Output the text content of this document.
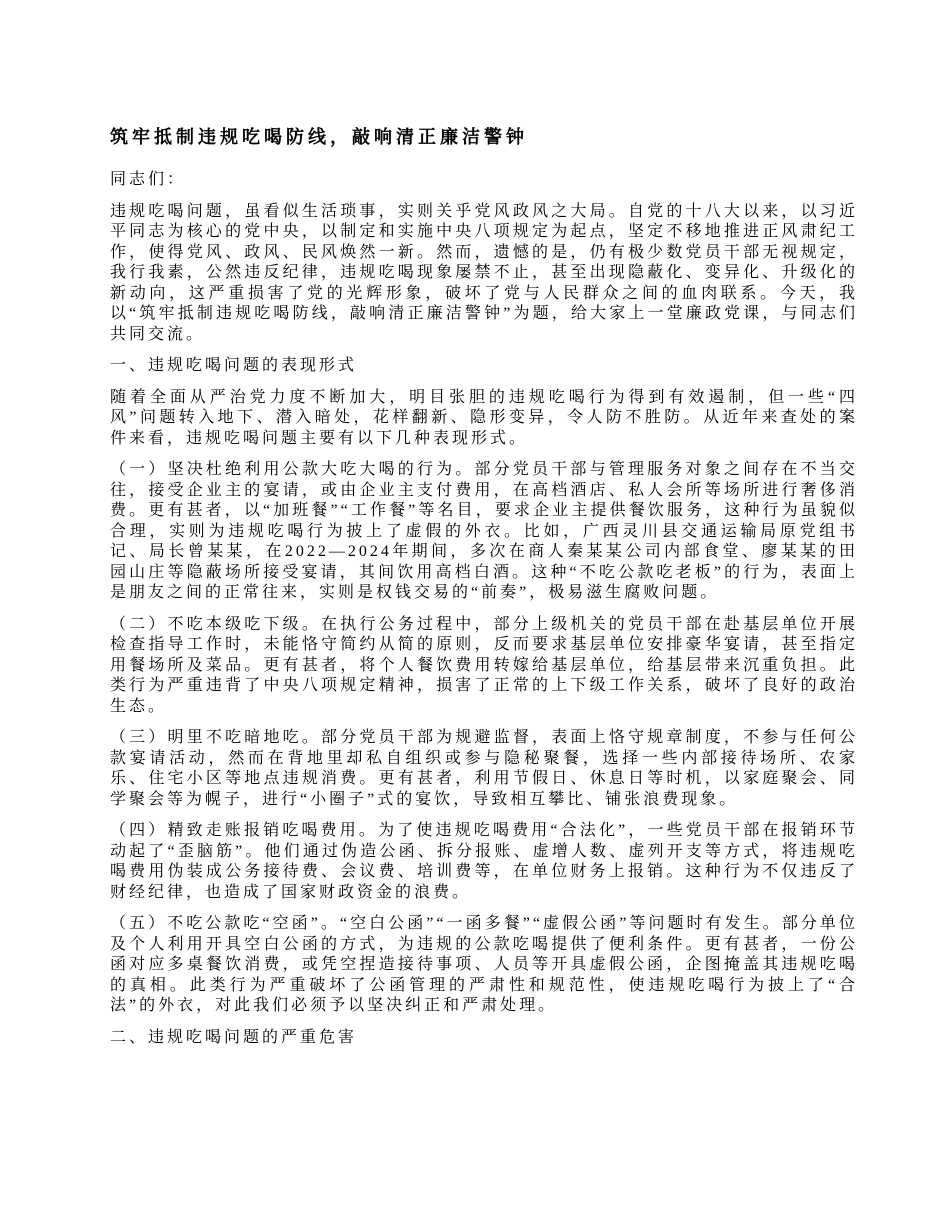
筑牢抵制违规吃喝防线，敲响清正廉洁警钟

同志们：

违规吃喝问题，虽看似生活琐事，实则关乎党风政风之大局。自党的十八大以来，以习近平同志为核心的党中央，以制定和实施中央八项规定为起点，坚定不移地推进正风肃纪工作，使得党风、政风、民风焕然一新。然而，遗憾的是，仍有极少数党员干部无视规定，我行我素，公然违反纪律，违规吃喝现象屡禁不止，甚至出现隐蔽化、变异化、升级化的新动向，这严重损害了党的光辉形象，破坏了党与人民群众之间的血肉联系。今天，我以“筑牢抵制违规吃喝防线，敲响清正廉洁警钟”为题，给大家上一堂廉政党课，与同志们共同交流。

一、违规吃喝问题的表现形式

随着全面从严治党力度不断加大，明目张胆的违规吃喝行为得到有效遏制，但一些“四风”问题转入地下、潜入暗处，花样翻新、隐形变异，令人防不胜防。从近年来查处的案件来看，违规吃喝问题主要有以下几种表现形式。

（一）坚决杜绝利用公款大吃大喝的行为。部分党员干部与管理服务对象之间存在不当交往，接受企业主的宴请，或由企业主支付费用，在高档酒店、私人会所等场所进行奢侈消费。更有甚者，以“加班餐”“工作餐”等名目，要求企业主提供餐饮服务，这种行为虽貌似合理，实则为违规吃喝行为披上了虚假的外衣。比如，广西灵川县交通运输局原党组书记、局长曾某某，在2022—2024年期间，多次在商人秦某某公司内部食堂、廖某某的田园山庄等隐蔽场所接受宴请，其间饮用高档白酒。这种“不吃公款吃老板”的行为，表面上是朋友之间的正常往来，实则是权钱交易的“前奏”，极易滋生腐败问题。

（二）不吃本级吃下级。在执行公务过程中，部分上级机关的党员干部在赴基层单位开展检查指导工作时，未能恪守简约从简的原则，反而要求基层单位安排豪华宴请，甚至指定用餐场所及菜品。更有甚者，将个人餐饮费用转嫁给基层单位，给基层带来沉重负担。此类行为严重违背了中央八项规定精神，损害了正常的上下级工作关系，破坏了良好的政治生态。

（三）明里不吃暗地吃。部分党员干部为规避监督，表面上恪守规章制度，不参与任何公款宴请活动，然而在背地里却私自组织或参与隐秘聚餐，选择一些内部接待场所、农家乐、住宅小区等地点违规消费。更有甚者，利用节假日、休息日等时机，以家庭聚会、同学聚会等为幌子，进行“小圈子”式的宴饮，导致相互攀比、铺张浪费现象。

（四）精致走账报销吃喝费用。为了使违规吃喝费用“合法化”，一些党员干部在报销环节动起了“歪脑筋”。他们通过伪造公函、拆分报账、虚增人数、虚列开支等方式，将违规吃喝费用伪装成公务接待费、会议费、培训费等，在单位财务上报销。这种行为不仅违反了财经纪律，也造成了国家财政资金的浪费。

（五）不吃公款吃“空函”。“空白公函”“一函多餐”“虚假公函”等问题时有发生。部分单位及个人利用开具空白公函的方式，为违规的公款吃喝提供了便利条件。更有甚者，一份公函对应多桌餐饮消费，或凭空捏造接待事项、人员等开具虚假公函，企图掩盖其违规吃喝的真相。此类行为严重破坏了公函管理的严肃性和规范性，使违规吃喝行为披上了“合法”的外衣，对此我们必须予以坚决纠正和严肃处理。

二、违规吃喝问题的严重危害
